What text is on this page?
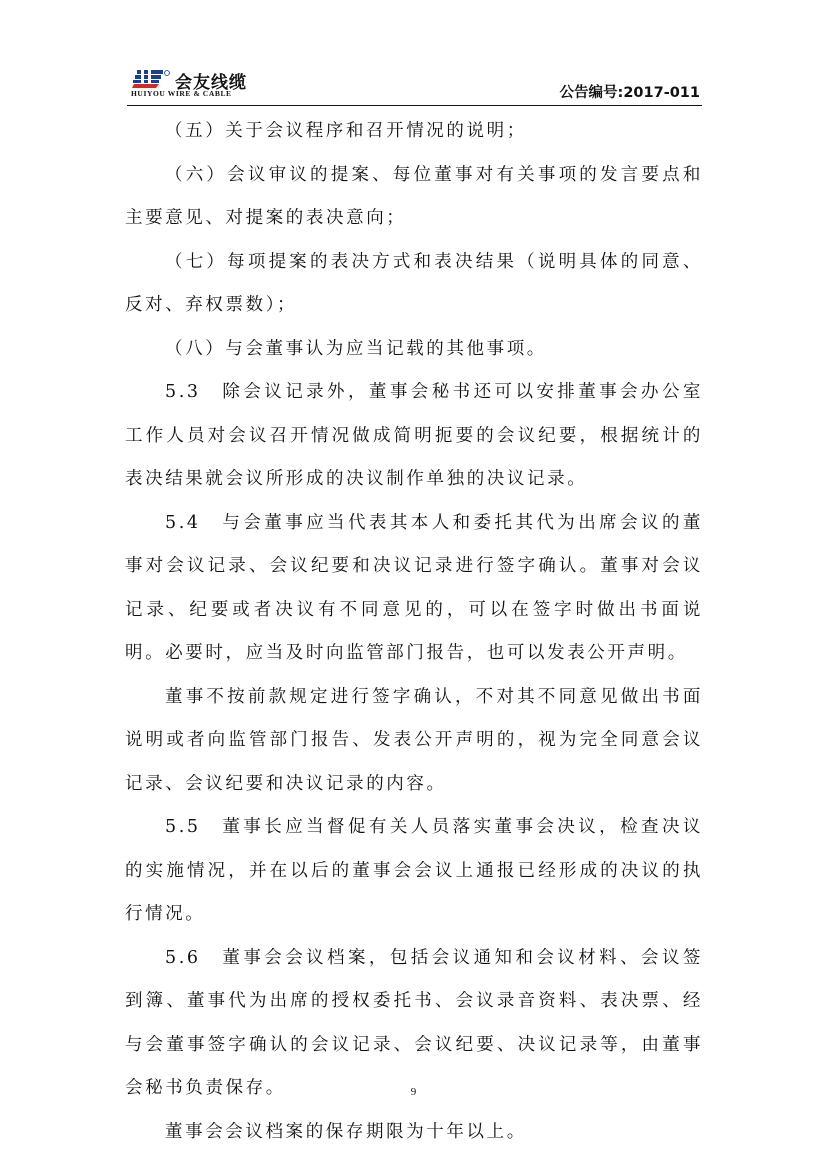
会友线缆
HUIYOU WIRE & CABLE	公告编号:2017-011

（五）关于会议程序和召开情况的说明；

（六）会议审议的提案、每位董事对有关事项的发言要点和主要意见、对提案的表决意向；

（七）每项提案的表决方式和表决结果（说明具体的同意、反对、弃权票数）；

（八）与会董事认为应当记载的其他事项。

5.3　除会议记录外，董事会秘书还可以安排董事会办公室工作人员对会议召开情况做成简明扼要的会议纪要，根据统计的表决结果就会议所形成的决议制作单独的决议记录。

5.4　与会董事应当代表其本人和委托其代为出席会议的董事对会议记录、会议纪要和决议记录进行签字确认。董事对会议记录、纪要或者决议有不同意见的，可以在签字时做出书面说明。必要时，应当及时向监管部门报告，也可以发表公开声明。

董事不按前款规定进行签字确认，不对其不同意见做出书面说明或者向监管部门报告、发表公开声明的，视为完全同意会议记录、会议纪要和决议记录的内容。

5.5　董事长应当督促有关人员落实董事会决议，检查决议的实施情况，并在以后的董事会会议上通报已经形成的决议的执行情况。

5.6　董事会会议档案，包括会议通知和会议材料、会议签到簿、董事代为出席的授权委托书、会议录音资料、表决票、经与会董事签字确认的会议记录、会议纪要、决议记录等，由董事会秘书负责保存。

董事会会议档案的保存期限为十年以上。

9
